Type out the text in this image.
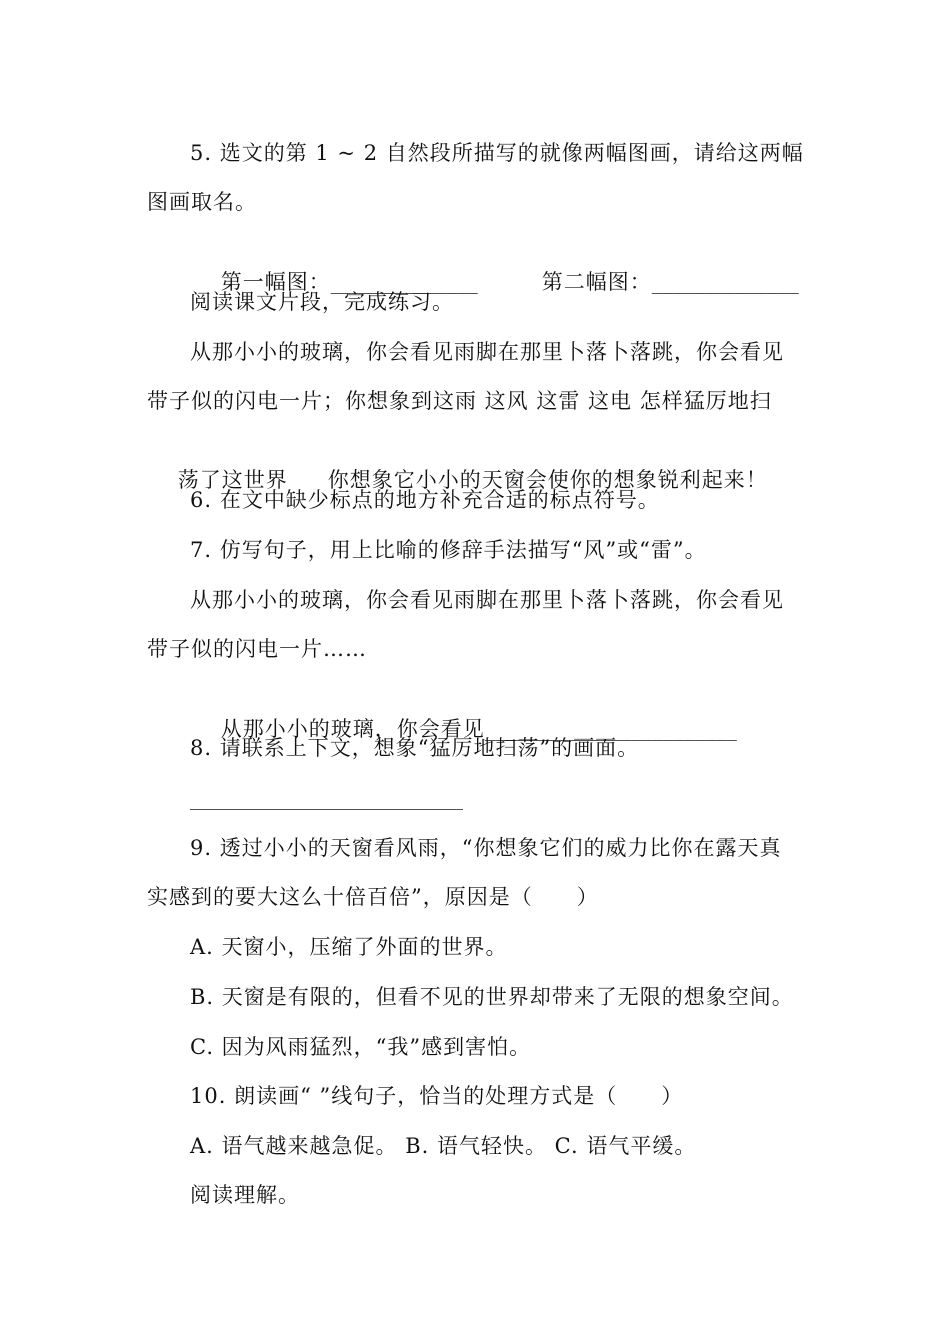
5. 选文的第 1 ~ 2 自然段所描写的就像两幅图画，请给这两幅
图画取名。

第一幅图：______________	第二幅图：______________

阅读课文片段，完成练习。
从那小小的玻璃，你会看见雨脚在那里卜落卜落跳，你会看见
带子似的闪电一片；你想象到这雨 这风 这雷 这电 怎样猛厉地扫

荡了这世界 你想象它小小的天窗会使你的想象锐利起来！

6. 在文中缺少标点的地方补充合适的标点符号。
7. 仿写句子，用上比喻的修辞手法描写“风”或“雷”。
从那小小的玻璃，你会看见雨脚在那里卜落卜落跳，你会看见
带子似的闪电一片……

从那小小的玻璃，你会看见________________________

8. 请联系上下文，想象“猛厉地扫荡”的画面。
__________________________
9. 透过小小的天窗看风雨，“你想象它们的威力比你在露天真
实感到的要大这么十倍百倍”，原因是（　　）
A. 天窗小，压缩了外面的世界。
B. 天窗是有限的，但看不见的世界却带来了无限的想象空间。
C. 因为风雨猛烈，“我”感到害怕。
10. 朗读画“ ”线句子，恰当的处理方式是（　　）
A. 语气越来越急促。 B. 语气轻快。 C. 语气平缓。
阅读理解。
